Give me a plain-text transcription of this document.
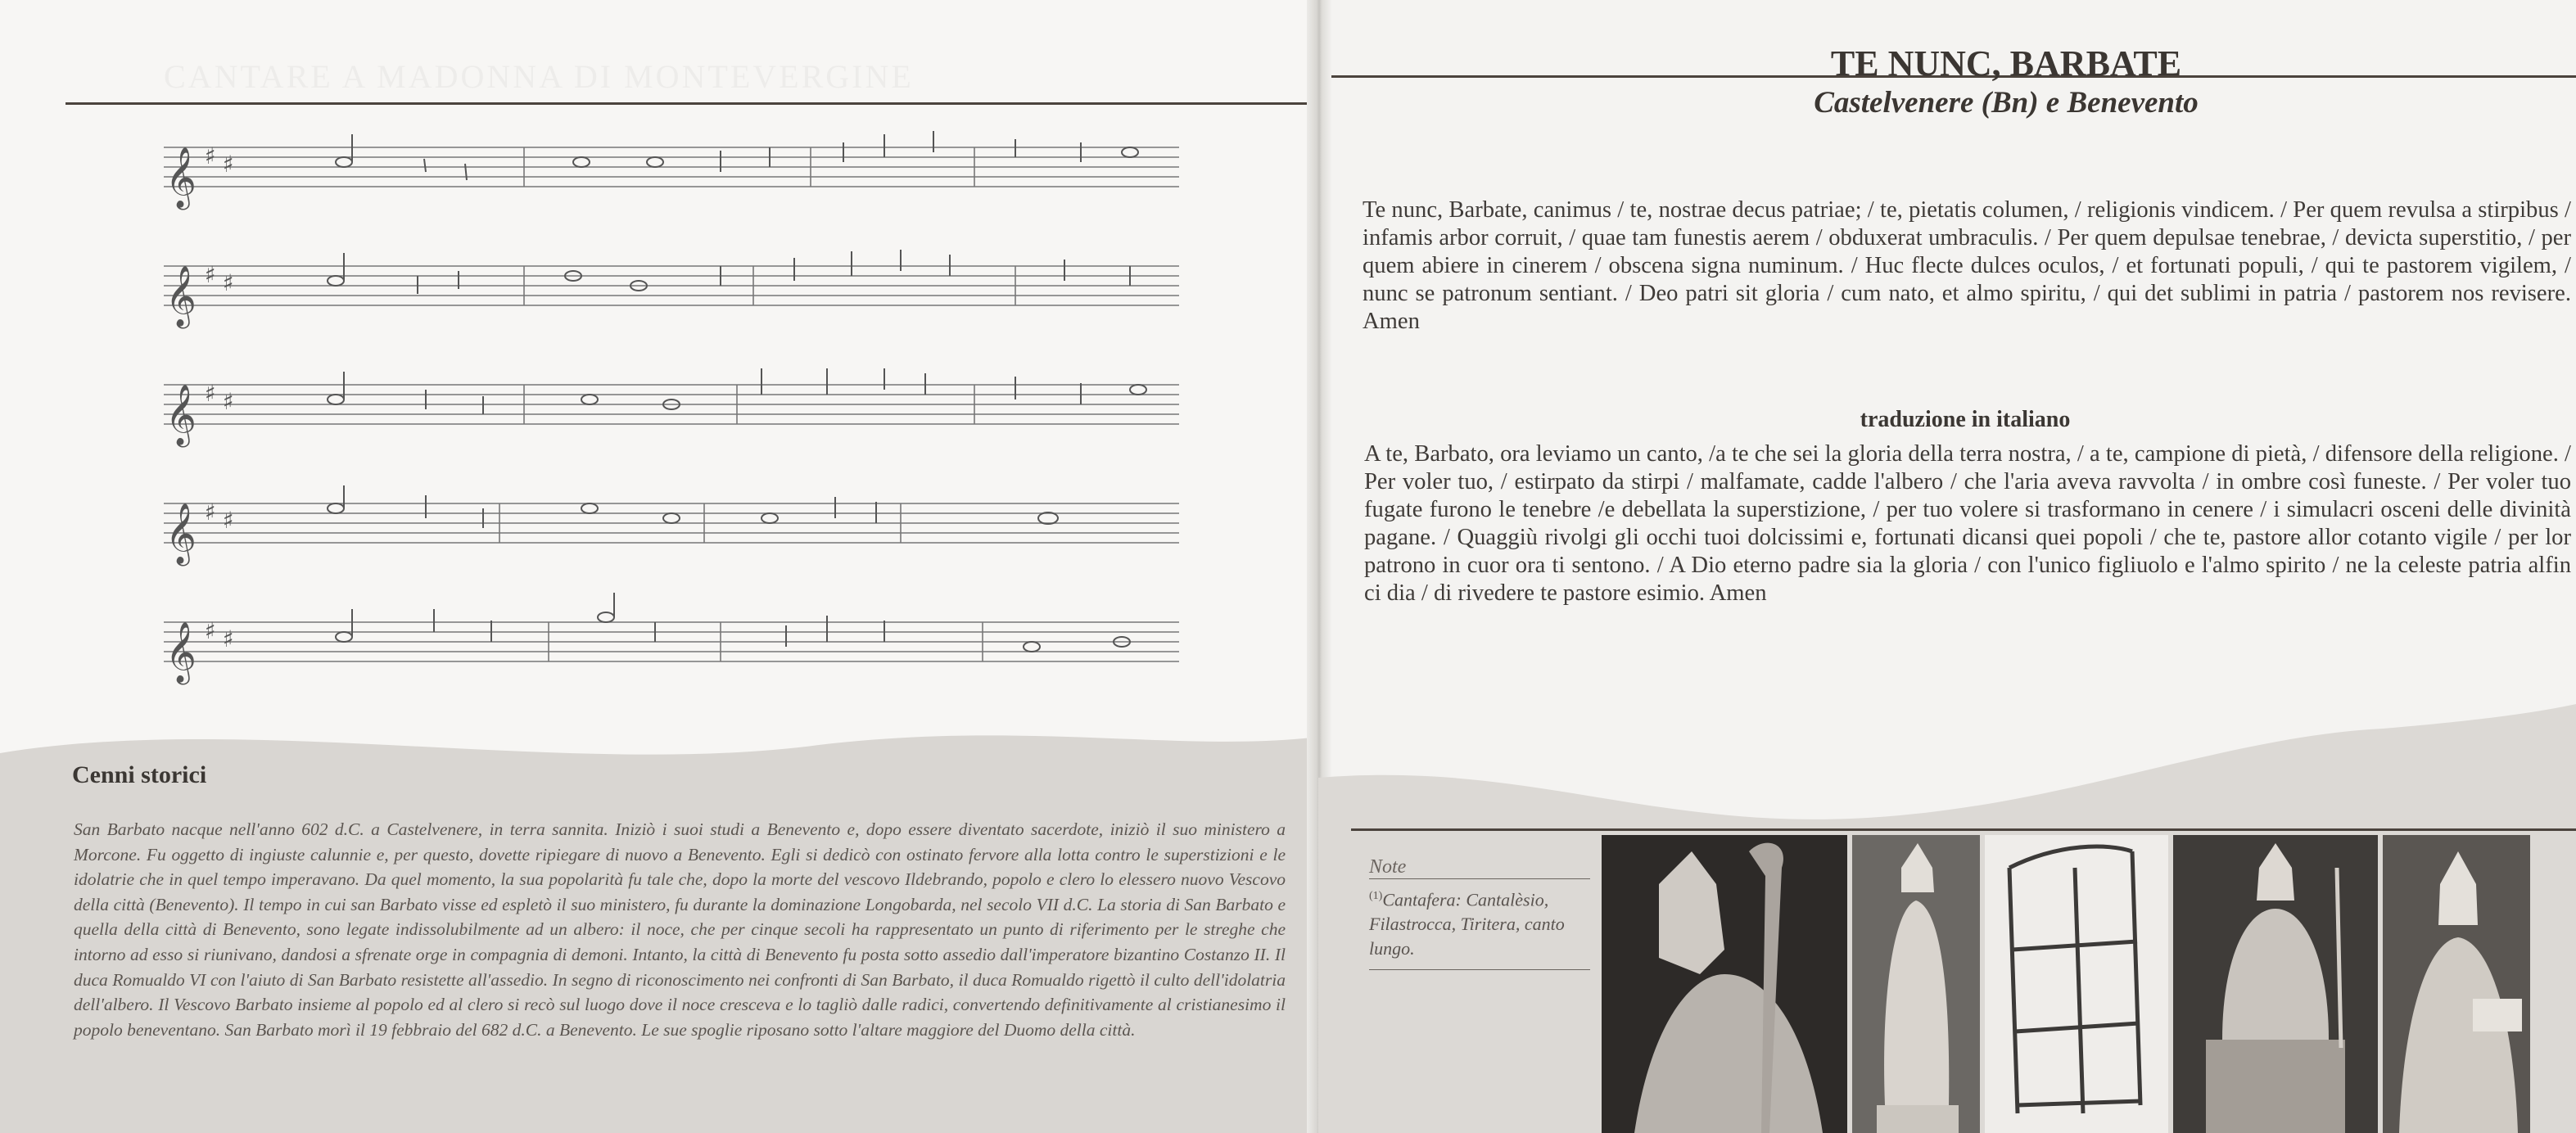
CANTARE A MADONNA DI MONTEVERGINE
𝄞
𝄞
𝄞
𝄞
𝄞
♯ ♯
♯ ♯
♯ ♯
♯ ♯
♯ ♯
Cenni storici
San Barbato nacque nell'anno 602 d.C. a Castelvenere, in terra sannita. Iniziò i suoi studi a Benevento e, dopo essere diventato sacerdote, iniziò il suo ministero a Morcone. Fu oggetto di ingiuste calunnie e, per questo, dovette ripiegare di nuovo a Benevento. Egli si dedicò con ostinato fervore alla lotta contro le superstizioni e le idolatrie che in quel tempo imperavano. Da quel momento, la sua popolarità fu tale che, dopo la morte del vescovo Ildebrando, popolo e clero lo elessero nuovo Vescovo della città (Benevento). Il tempo in cui san Barbato visse ed espletò il suo ministero, fu durante la dominazione Longobarda, nel secolo VII d.C. La storia di San Barbato e quella della città di Benevento, sono legate indissolubilmente ad un albero: il noce, che per cinque secoli ha rappresentato un punto di riferimento per le streghe che intorno ad esso si riunivano, dandosi a sfrenate orge in compagnia di demoni. Intanto, la città di Benevento fu posta sotto assedio dall'imperatore bizantino Costanzo II. Il duca Romualdo VI con l'aiuto di San Barbato resistette all'assedio. In segno di riconoscimento nei confronti di San Barbato, il duca Romualdo rigettò il culto dell'idolatria dell'albero. Il Vescovo Barbato insieme al popolo ed al clero si recò sul luogo dove il noce cresceva e lo tagliò dalle radici, convertendo definitivamente al cristianesimo il popolo beneventano. San Barbato morì il 19 febbraio del 682 d.C. a Benevento. Le sue spoglie riposano sotto l'altare maggiore del Duomo della città.
TE NUNC, BARBATE
Castelvenere (Bn) e Benevento
Te nunc, Barbate, canimus / te, nostrae decus patriae; / te, pietatis columen, / religionis vindicem. / Per quem revulsa a stirpibus / infamis arbor corruit, / quae tam funestis aerem / obduxerat umbraculis. / Per quem depulsae tenebrae, / devicta superstitio, / per quem abiere in cinerem / obscena signa numinum. / Huc flecte dulces oculos, / et fortunati populi, / qui te pastorem vigilem, / nunc se patronum sentiant. / Deo patri sit gloria / cum nato, et almo spiritu, / qui det sublimi in patria / pastorem nos revisere. Amen
traduzione in italiano
A te, Barbato, ora leviamo un canto, /a te che sei la gloria della terra nostra, / a te, campione di pietà, / difensore della religione. / Per voler tuo, / estirpato da stirpi / malfamate, cadde l'albero / che l'aria aveva ravvolta / in ombre così funeste. / Per voler tuo fugate furono le tenebre /e debellata la superstizione, / per tuo volere si trasformano in cenere / i simulacri osceni delle divinità pagane. / Quaggiù rivolgi gli occhi tuoi dolcissimi e, fortunati dicansi quei popoli / che te, pastore allor cotanto vigile / per lor patrono in cuor ora ti sentono. / A Dio eterno padre sia la gloria / con l'unico figliuolo e l'almo spirito / ne la celeste patria alfin ci dia / di rivedere te pastore esimio. Amen
Note
$^{(1)}$Cantafera: Cantalèsio, Filastrocca, Tiritera, canto lungo.
